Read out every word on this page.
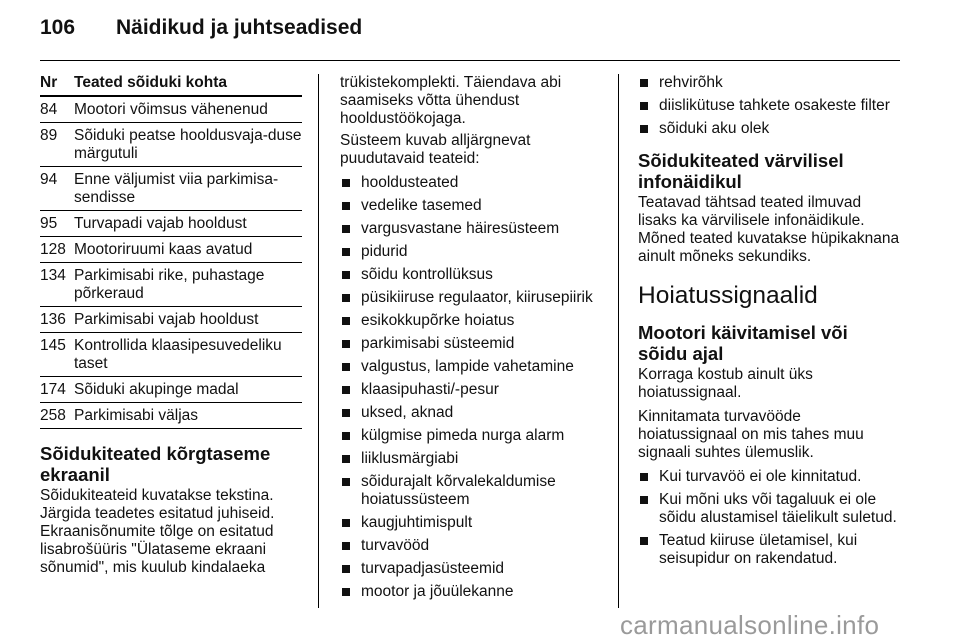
106 Näidikud ja juhtseadised
Nr	Teated sõiduki kohta
84	Mootori võimsus vähenenud
89	Sõiduki peatse hooldusvaja-duse märgutuli
94	Enne väljumist viia parkimisa-sendisse
95	Turvapadi vajab hooldust
128 Mootoriruumi kaas avatud
134 Parkimisabi rike, puhastage põrkeraud
136 Parkimisabi vajab hooldust
145 Kontrollida klaasipesuvedeliku taset
174 Sõiduki akupinge madal
258 Parkimisabi väljas
Sõidukiteated kõrgtaseme ekraanil
Sõidukiteateid kuvatakse tekstina. Järgida teadetes esitatud juhiseid. Ekraanisõnumite tõlge on esitatud lisabrošüüris "Ülataseme ekraani sõnumid", mis kuulub kindalaeka
trükistekomplekti. Täiendava abi saamiseks võtta ühendust hooldustöökojaga.
Süsteem kuvab alljärgnevat puudutavaid teateid:
hooldusteated
vedelike tasemed
vargusvastane häiresüsteem
pidurid
sõidu kontrollüksus
püsikiiruse regulaator, kiirusepiirik
esikokkupõrke hoiatus
parkimisabi süsteemid
valgustus, lampide vahetamine
klaasipuhasti/-pesur
uksed, aknad
külgmise pimeda nurga alarm
liiklusmärgiabi
sõidurajalt kõrvalekaldumise hoiatussüsteem
kaugjuhtimispult
turvavööd
turvapadjasüsteemid
mootor ja jõuülekanne
rehvirõhk
diislikütuse tahkete osakeste filter
sõiduki aku olek
Sõidukiteated värvilisel infonäidikul
Teatavad tähtsad teated ilmuvad lisaks ka värvilisele infonäidikule. Mõned teated kuvatakse hüpikaknana ainult mõneks sekundiks.
Hoiatussignaalid
Mootori käivitamisel või sõidu ajal
Korraga kostub ainult üks hoiatussignaal.
Kinnitamata turvavööde hoiatussignaal on mis tahes muu signaali suhtes ülemuslik.
Kui turvavöö ei ole kinnitatud.
Kui mõni uks või tagaluuk ei ole sõidu alustamisel täielikult suletud.
Teatud kiiruse ületamisel, kui seisupidur on rakendatud.
carmanualsonline.info
